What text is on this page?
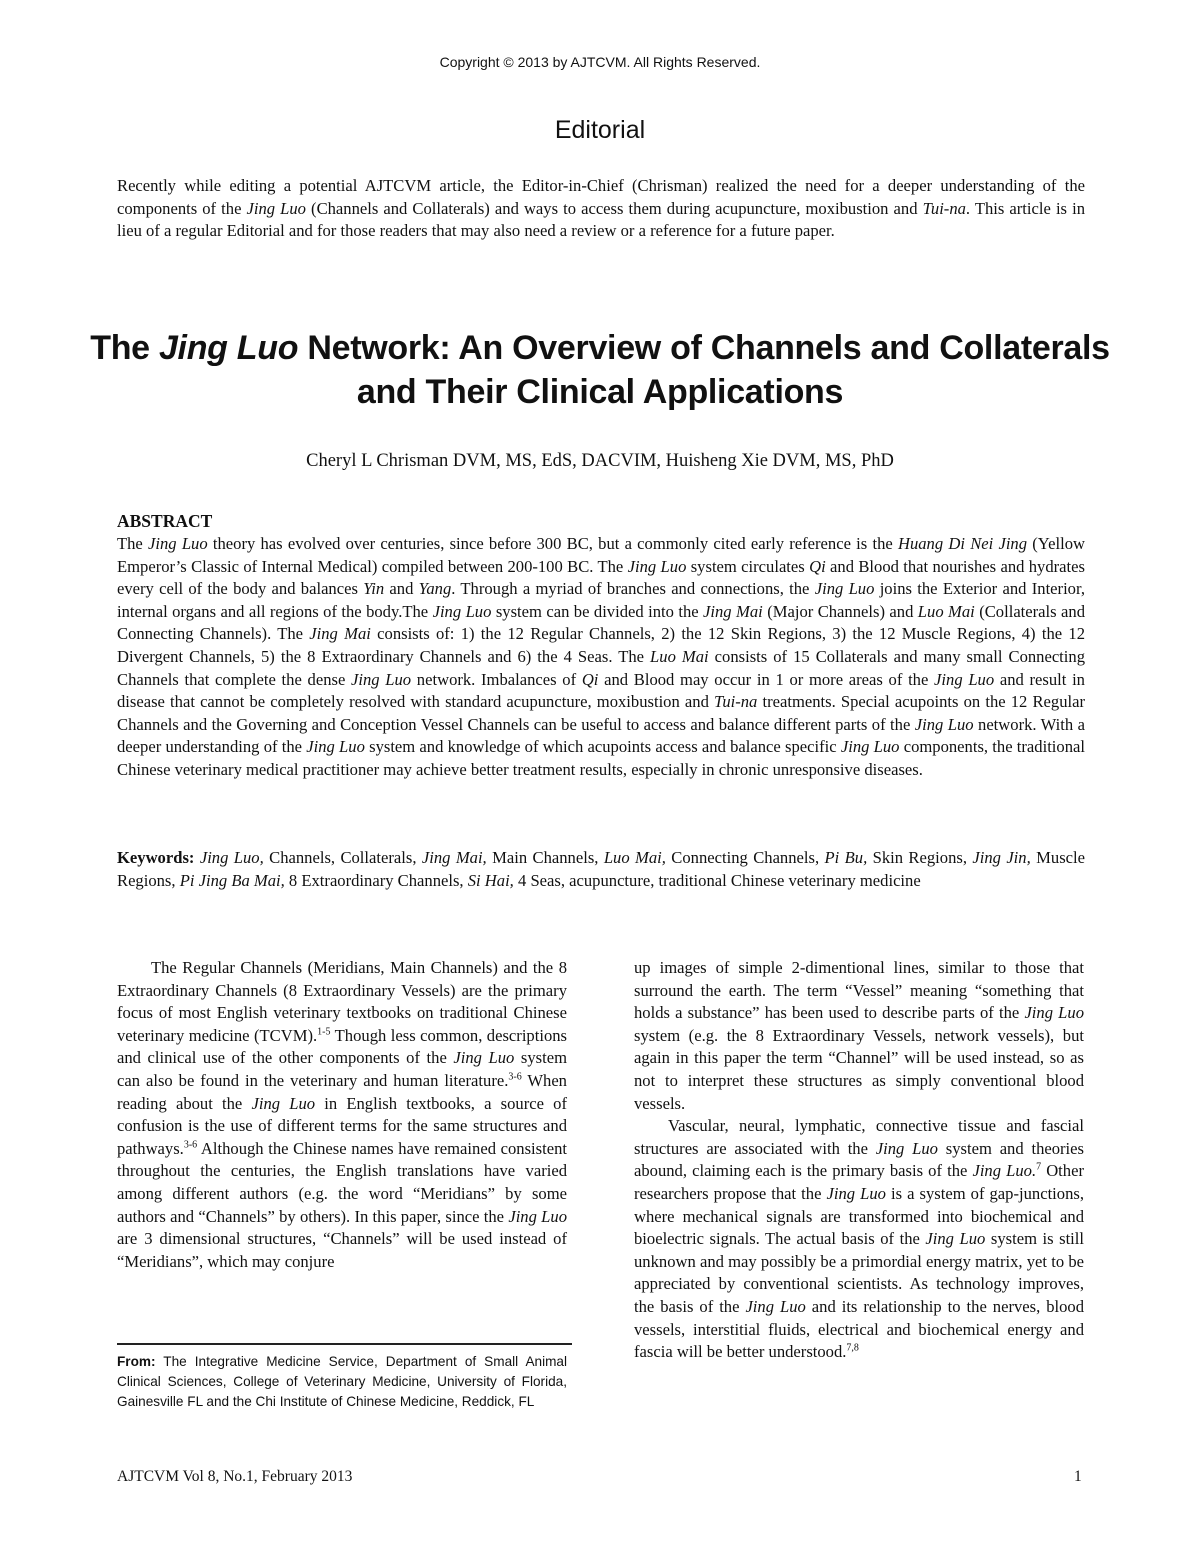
Copyright © 2013 by AJTCVM. All Rights Reserved.
Editorial

Recently while editing a potential AJTCVM article, the Editor-in-Chief (Chrisman) realized the need for a deeper understanding of the components of the Jing Luo (Channels and Collaterals) and ways to access them during acupuncture, moxibustion and Tui-na. This article is in lieu of a regular Editorial and for those readers that may also need a review or a reference for a future paper.

The Jing Luo Network: An Overview of Channels and Collaterals and Their Clinical Applications
Cheryl L Chrisman DVM, MS, EdS, DACVIM, Huisheng Xie DVM, MS, PhD
ABSTRACT

The Jing Luo theory has evolved over centuries, since before 300 BC, but a commonly cited early reference is the Huang Di Nei Jing (Yellow Emperor’s Classic of Internal Medical) compiled between 200-100 BC. The Jing Luo system circulates Qi and Blood that nourishes and hydrates every cell of the body and balances Yin and Yang. Through a myriad of branches and connections, the Jing Luo joins the Exterior and Interior, internal organs and all regions of the body.The Jing Luo system can be divided into the Jing Mai (Major Channels) and Luo Mai (Collaterals and Connecting Channels). The Jing Mai consists of: 1) the 12 Regular Channels, 2) the 12 Skin Regions, 3) the 12 Muscle Regions, 4) the 12 Divergent Channels, 5) the 8 Extraordinary Channels and 6) the 4 Seas. The Luo Mai consists of 15 Collaterals and many small Connecting Channels that complete the dense Jing Luo network. Imbalances of Qi and Blood may occur in 1 or more areas of the Jing Luo and result in disease that cannot be completely resolved with standard acupuncture, moxibustion and Tui-na treatments. Special acupoints on the 12 Regular Channels and the Governing and Conception Vessel Channels can be useful to access and balance different parts of the Jing Luo network. With a deeper understanding of the Jing Luo system and knowledge of which acupoints access and balance specific Jing Luo components, the traditional Chinese veterinary medical practitioner may achieve better treatment results, especially in chronic unresponsive diseases.

Keywords: Jing Luo, Channels, Collaterals, Jing Mai, Main Channels, Luo Mai, Connecting Channels, Pi Bu, Skin Regions, Jing Jin, Muscle Regions, Pi Jing Ba Mai, 8 Extraordinary Channels, Si Hai, 4 Seas, acupuncture, traditional Chinese veterinary medicine

The Regular Channels (Meridians, Main Channels) and the 8 Extraordinary Channels (8 Extraordinary Vessels) are the primary focus of most English veterinary textbooks on traditional Chinese veterinary medicine (TCVM).$^{1-5}$ Though less common, descriptions and clinical use of the other components of the Jing Luo system can also be found in the veterinary and human literature.$^{3-6}$ When reading about the Jing Luo in English textbooks, a source of confusion is the use of different terms for the same structures and pathways.$^{3-6}$ Although the Chinese names have remained consistent throughout the centuries, the English translations have varied among different authors (e.g. the word “Meridians” by some authors and “Channels” by others). In this paper, since the Jing Luo are 3 dimensional structures, “Channels” will be used instead of “Meridians”, which may conjure

up images of simple 2-dimentional lines, similar to those that surround the earth. The term “Vessel” meaning “something that holds a substance” has been used to describe parts of the Jing Luo system (e.g. the 8 Extraordinary Vessels, network vessels), but again in this paper the term “Channel” will be used instead, so as not to interpret these structures as simply conventional blood vessels.

Vascular, neural, lymphatic, connective tissue and fascial structures are associated with the Jing Luo system and theories abound, claiming each is the primary basis of the Jing Luo.$^7$ Other researchers propose that the Jing Luo is a system of gap-junctions, where mechanical signals are transformed into biochemical and bioelectric signals. The actual basis of the Jing Luo system is still unknown and may possibly be a primordial energy matrix, yet to be appreciated by conventional scientists. As technology improves, the basis of the Jing Luo and its relationship to the nerves, blood vessels, interstitial fluids, electrical and biochemical energy and fascia will be better understood.$^{7,8}$

From: The Integrative Medicine Service, Department of Small Animal Clinical Sciences, College of Veterinary Medicine, University of Florida, Gainesville FL and the Chi Institute of Chinese Medicine, Reddick, FL

AJTCVM Vol 8, No.1, February 2013	1
